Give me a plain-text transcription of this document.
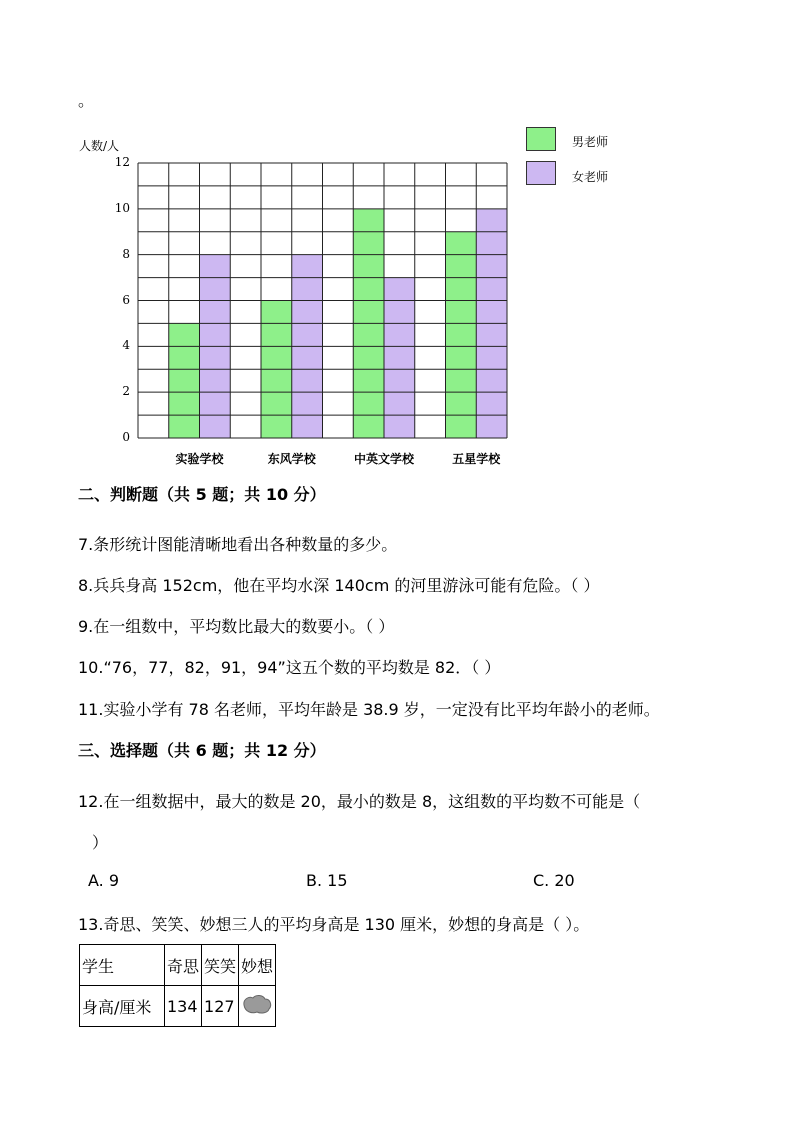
。
人数/人
0
2
4
6
8
10
12
实验学校	东风学校	中英文学校	五星学校
男老师
女老师
二、判断题（共 5 题；共 10 分）
7.条形统计图能清晰地看出各种数量的多少。
8.兵兵身高 152cm，他在平均水深 140cm 的河里游泳可能有危险。（ ）
9.在一组数中，平均数比最大的数要小。（ ）
10.“76，77，82，91，94”这五个数的平均数是 82．（ ）
11.实验小学有 78 名老师，平均年龄是 38.9 岁，一定没有比平均年龄小的老师。
三、选择题（共 6 题；共 12 分）
12.在一组数据中，最大的数是 20，最小的数是 8，这组数的平均数不可能是（
）
A. 9	B. 15	C. 20
13.奇思、笑笑、妙想三人的平均身高是 130 厘米，妙想的身高是（ ）。
学生	奇思	笑笑	妙想
身高/厘米	134	127	
